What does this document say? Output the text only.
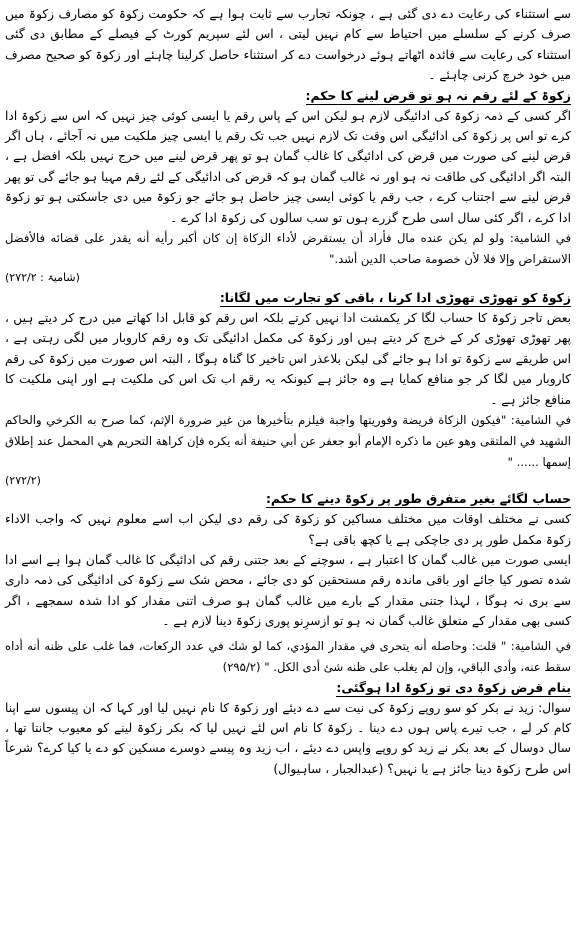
سے استثناء کی رعایت دے دی گئی ہے ، چونکہ تجارب سے ثابت ہوا ہے کہ حکومت زکوۃ کو مصارف زکوۃ میں صرف کرنے کے سلسلے میں احتیاط سے کام نہیں لیتی ، اس لئے سپریم کورٹ کے فیصلے کے مطابق دی گئی استثناء کی رعایت سے فائدہ اٹھاتے ہوئے درخواست دے کر استثناء حاصل کرلینا چاہئے اور زکوۃ کو صحیح مصرف میں خود خرچ کرنی چاہئے ۔

زکوۃ کے لئے رقم نہ ہو تو قرض لینے کا حکم:

اگر کسی کے ذمہ زکوۃ کی ادائیگی لازم ہو لیکن اس کے پاس رقم یا ایسی کوئی چیز نہیں کہ اس سے زکوۃ ادا کرے تو اس پر زکوۃ کی ادائیگی اس وقت تک لازم نہیں جب تک رقم یا ایسی چیز ملکیت میں نہ آجائے ، ہاں اگر قرض لینے کی صورت میں قرض کی ادائیگی کا غالب گمان ہو تو پھر قرض لینے میں حرج نہیں بلکہ افضل ہے ، البتہ اگر ادائیگی کی طاقت نہ ہو اور نہ غالب گمان ہو کہ قرض کی ادائیگی کے لئے رقم مہیا ہو جائے گی تو پھر قرض لینے سے اجتناب کرے ، جب رقم یا کوئی ایسی چیز حاصل ہو جائے جو زکوۃ میں دی جاسکتی ہو تو زکوۃ ادا کرے ، اگر کئی سال اسی طرح گزرے ہوں تو سب سالوں کی زکوۃ ادا کرے ۔

في الشامية: ولو لم يكن عنده مال فأراد أن يستقرض لأداء الزكاة إن كان أكبر رأيه أنه يقدر على قضائه فالأفضل الاستقراض وإلا فلا لأن خصومة صاحب الدين أشد."

(شامیۃ : ۲۷۲/۲)

زکوۃ کو تھوڑی تھوڑی ادا کرنا ، باقی کو تجارت میں لگانا:

بعض تاجر زکوۃ کا حساب لگا کر یکمشت ادا نہیں کرتے بلکہ اس رقم کو قابل ادا کھاتے میں درج کر دیتے ہیں ، پھر تھوڑی تھوڑی کر کے خرچ کر دیتے ہیں اور زکوۃ کی مکمل ادائیگی تک وہ رقم کاروبار میں لگی رہتی ہے ، اس طریقے سے زکوۃ تو ادا ہو جائے گی لیکن بلاعذر اس تاخیر کا گناہ ہوگا ، البتہ اس صورت میں زکوۃ کی رقم کاروبار میں لگا کر جو منافع کمایا ہے وہ جائز ہے کیونکہ یہ رقم اب تک اس کی ملکیت ہے اور اپنی ملکیت کا منافع جائز ہے ۔

في الشامية: "فيكون الزكاة فريضة وفوريتها واجبة فيلزم بتأخيرها من غير ضرورة الإثم، كما صرح به الكرخي والحاكم الشهيد في الملتقى وهو عين ما ذكره الإمام أبو جعفر عن أبي حنيفة أنه يكره فإن كراهة التحريم هي المحمل عند إطلاق إسمها ...... "

(۲۷۲/۲)

حساب لگائے بغیر متفرق طور پر زکوۃ دینے کا حکم:

کسی نے مختلف اوقات میں مختلف مساکین کو زکوۃ کی رقم دی لیکن اب اسے معلوم نہیں کہ واجب الاداء زکوۃ مکمل طور پر دی جاچکی ہے یا کچھ باقی ہے؟

ایسی صورت میں غالب گمان کا اعتبار ہے ، سوچنے کے بعد جتنی رقم کی ادائیگی کا غالب گمان ہوا ہے اسے ادا شدہ تصور کیا جائے اور باقی ماندہ رقم مستحقین کو دی جائے ، محض شک سے زکوۃ کی ادائیگی کی ذمہ داری سے بری نہ ہوگا ، لہذا جتنی مقدار کے بارے میں غالب گمان ہو صرف اتنی مقدار کو ادا شدہ سمجھے ، اگر کسی بھی مقدار کے متعلق غالب گمان نہ ہو تو ازسرِنو پوری زکوۃ دینا لازم ہے ۔

في الشامية: " قلت: وحاصله أنه يتحرى في مقدار المؤدي، كما لو شك في عدد الركعات، فما غلب على ظنه أنه أداه سقط عنه، وأدى الباقي، وإن لم يغلب على ظنه شئ أدى الكل. " (۲۹۵/۲)

بنام قرض زکوۃ دی تو زکوۃ ادا ہوگئی:

سوال: زید نے بکر کو سو روپے زکوۃ کی نیت سے دے دیئے اور زکوۃ کا نام نہیں لیا اور کہا کہ ان پیسوں سے اپنا کام کر لے ، جب تیرے پاس ہوں دے دینا ۔ زکوۃ کا نام اس لئے نہیں لیا کہ بکر زکوۃ لینے کو معیوب جانتا تھا ، سال دوسال کے بعد بکر نے زید کو روپے واپس دے دیئے ، اب زید وہ پیسے دوسرے مسکین کو دے یا کیا کرے؟ شرعاً اس طرح زکوۃ دینا جائز ہے یا نہیں؟ (عبدالجبار ، ساہیوال)
